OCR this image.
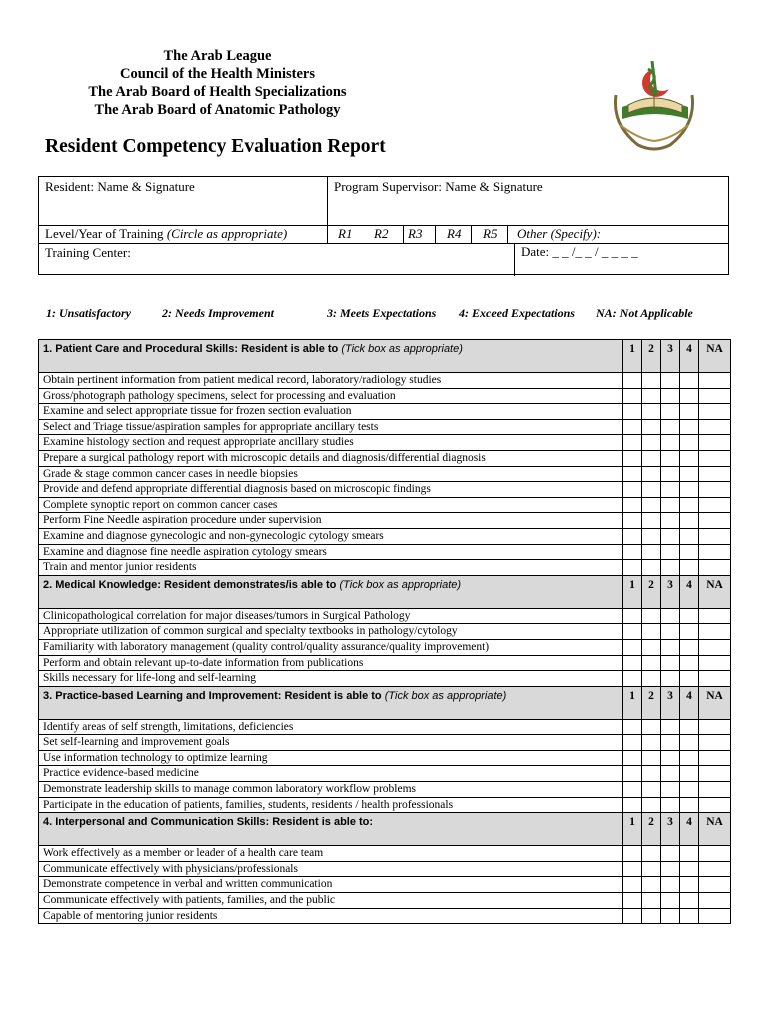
The Arab League
Council of the Health Ministers
The Arab Board of Health Specializations
The Arab Board of Anatomic Pathology
Resident Competency Evaluation Report
Resident: Name & Signature	Program Supervisor: Name & Signature
Level/Year of Training (Circle as appropriate)	R1	R2	R3	R4	R5	Other (Specify):
Training Center:	Date: _ _ /_ _ / _ _ _ _
1: Unsatisfactory	2: Needs Improvement	3: Meets Expectations 4: Exceed Expectations NA: Not Applicable
1. Patient Care and Procedural Skills: Resident is able to (Tick box as appropriate)	1	2	3	4	NA
Obtain pertinent information from patient medical record, laboratory/radiology studies					
Gross/photograph pathology specimens, select for processing and evaluation					
Examine and select appropriate tissue for frozen section evaluation					
Select and Triage tissue/aspiration samples for appropriate ancillary tests					
Examine histology section and request appropriate ancillary studies					
Prepare a surgical pathology report with microscopic details and diagnosis/differential diagnosis					
Grade & stage common cancer cases in needle biopsies					
Provide and defend appropriate differential diagnosis based on microscopic findings					
Complete synoptic report on common cancer cases					
Perform Fine Needle aspiration procedure under supervision					
Examine and diagnose gynecologic and non-gynecologic cytology smears					
Examine and diagnose fine needle aspiration cytology smears					
Train and mentor junior residents					
2. Medical Knowledge: Resident demonstrates/is able to (Tick box as appropriate)	1	2	3	4	NA
Clinicopathological correlation for major diseases/tumors in Surgical Pathology					
Appropriate utilization of common surgical and specialty textbooks in pathology/cytology					
Familiarity with laboratory management (quality control/quality assurance/quality improvement)					
Perform and obtain relevant up-to-date information from publications					
Skills necessary for life-long and self-learning					
3. Practice-based Learning and Improvement: Resident is able to (Tick box as appropriate)	1	2	3	4	NA
Identify areas of self strength, limitations, deficiencies					
Set self-learning and improvement goals					
Use information technology to optimize learning					
Practice evidence-based medicine					
Demonstrate leadership skills to manage common laboratory workflow problems					
Participate in the education of patients, families, students, residents / health professionals					
4. Interpersonal and Communication Skills: Resident is able to:	1	2	3	4	NA
Work effectively as a member or leader of a health care team					
Communicate effectively with physicians/professionals					
Demonstrate competence in verbal and written communication					
Communicate effectively with patients, families, and the public					
Capable of mentoring junior residents					
